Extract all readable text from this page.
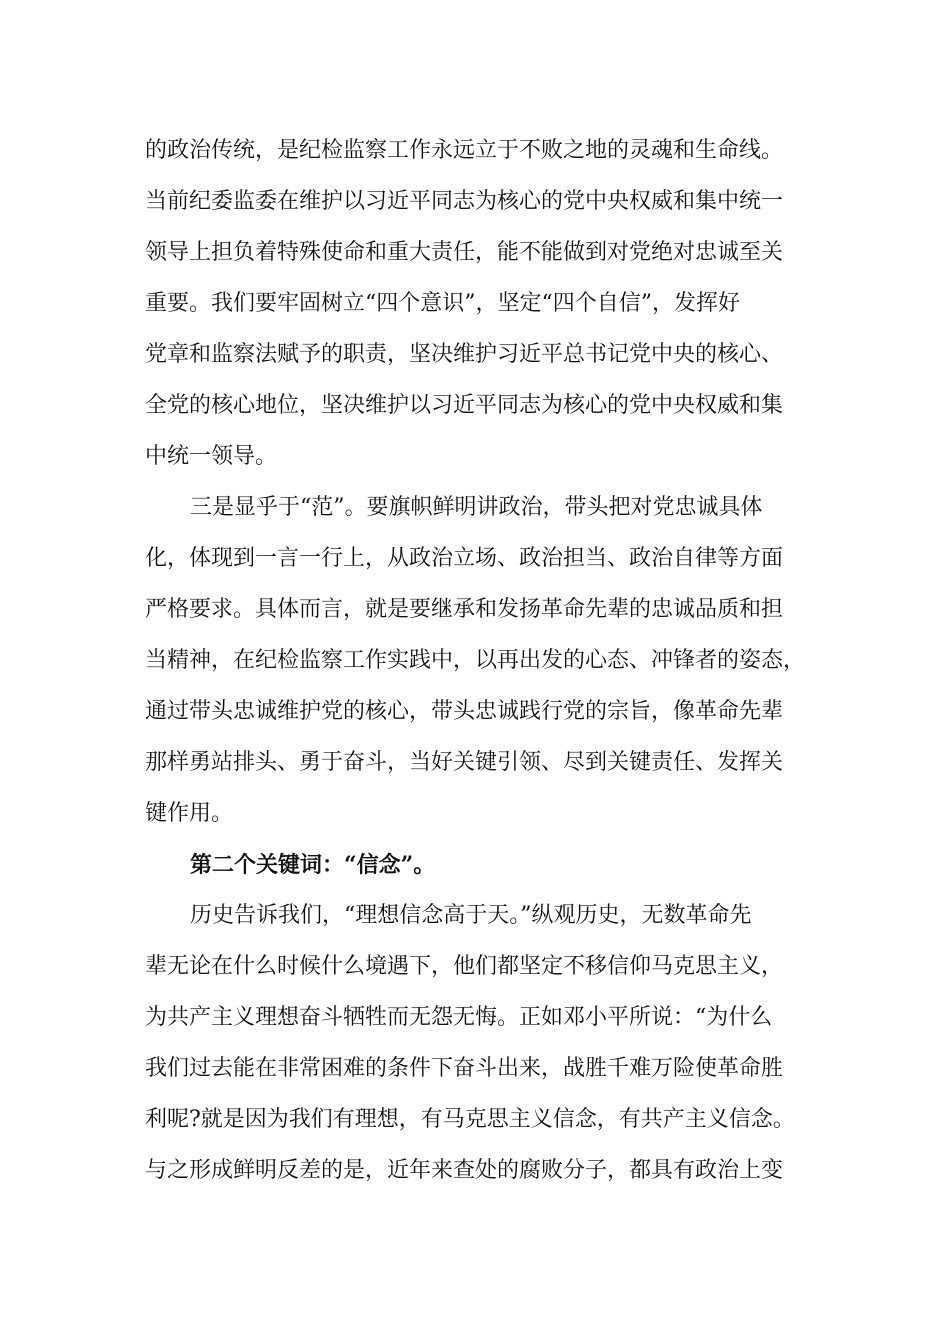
的政治传统，是纪检监察工作永远立于不败之地的灵魂和生命线。
当前纪委监委在维护以习近平同志为核心的党中央权威和集中统一
领导上担负着特殊使命和重大责任，能不能做到对党绝对忠诚至关
重要。我们要牢固树立“四个意识”，坚定“四个自信”，发挥好
党章和监察法赋予的职责，坚决维护习近平总书记党中央的核心、
全党的核心地位，坚决维护以习近平同志为核心的党中央权威和集
中统一领导。
三是显乎于“范”。要旗帜鲜明讲政治，带头把对党忠诚具体
化，体现到一言一行上，从政治立场、政治担当、政治自律等方面
严格要求。具体而言，就是要继承和发扬革命先辈的忠诚品质和担
当精神，在纪检监察工作实践中，以再出发的心态、冲锋者的姿态，
通过带头忠诚维护党的核心，带头忠诚践行党的宗旨，像革命先辈
那样勇站排头、勇于奋斗，当好关键引领、尽到关键责任、发挥关
键作用。
第二个关键词：“信念”。
历史告诉我们，“理想信念高于天。”纵观历史，无数革命先
辈无论在什么时候什么境遇下，他们都坚定不移信仰马克思主义，
为共产主义理想奋斗牺牲而无怨无悔。正如邓小平所说：“为什么
我们过去能在非常困难的条件下奋斗出来，战胜千难万险使革命胜
利呢?就是因为我们有理想，有马克思主义信念，有共产主义信念。
与之形成鲜明反差的是，近年来查处的腐败分子，都具有政治上变
